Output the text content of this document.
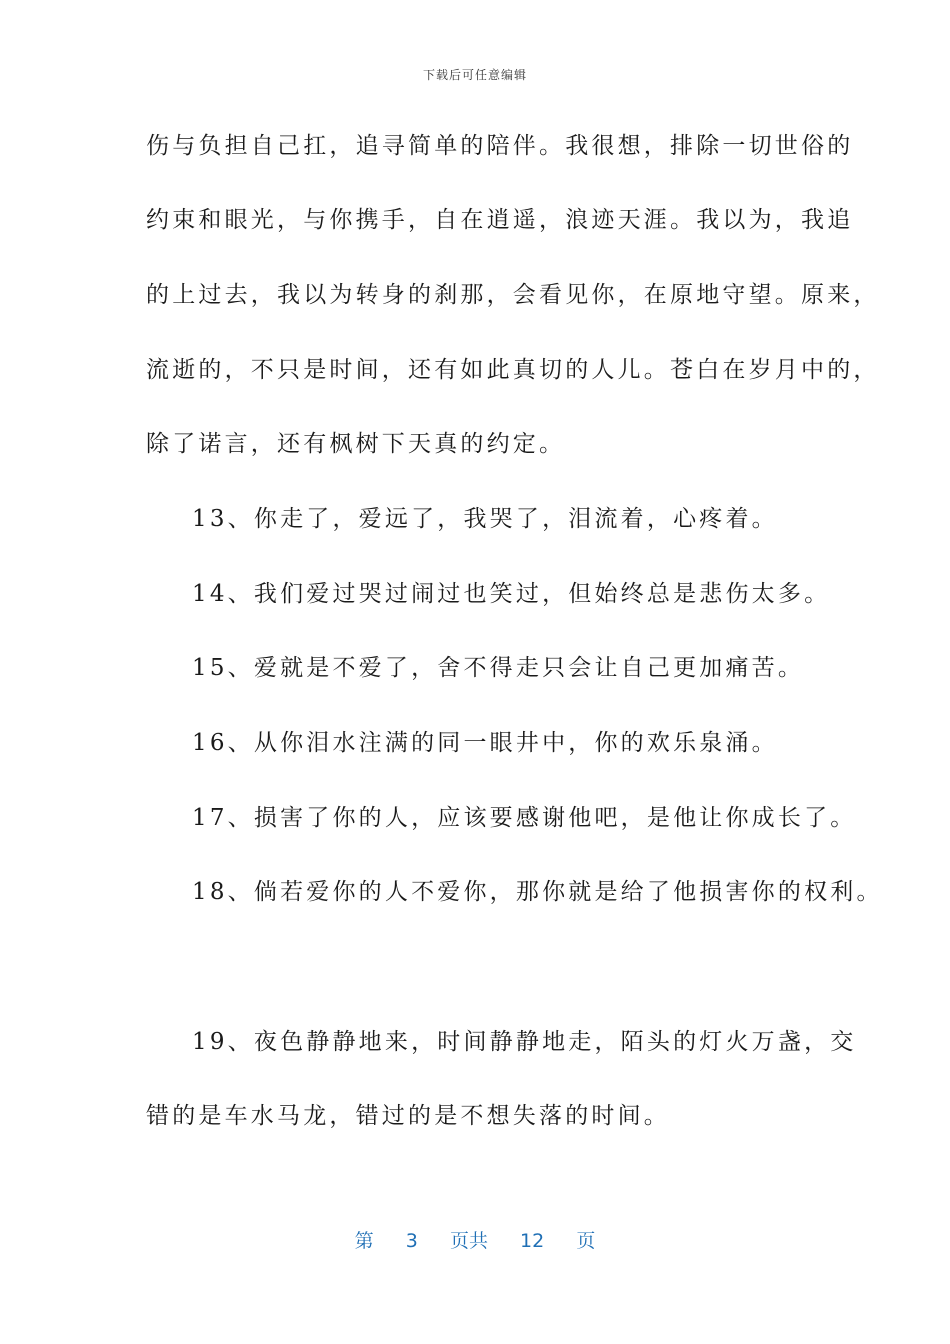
下载后可任意编辑
伤与负担自己扛，追寻简单的陪伴。我很想，排除一切世俗的
约束和眼光，与你携手，自在逍遥，浪迹天涯。我以为，我追
的上过去，我以为转身的刹那，会看见你，在原地守望。原来，
流逝的，不只是时间，还有如此真切的人儿。苍白在岁月中的，
除了诺言，还有枫树下天真的约定。
13、你走了，爱远了，我哭了，泪流着，心疼着。
14、我们爱过哭过闹过也笑过，但始终总是悲伤太多。
15、爱就是不爱了，舍不得走只会让自己更加痛苦。
16、从你泪水注满的同一眼井中，你的欢乐泉涌。
17、损害了你的人，应该要感谢他吧，是他让你成长了。
18、倘若爱你的人不爱你，那你就是给了他损害你的权利。
19、夜色静静地来，时间静静地走，陌头的灯火万盏，交
错的是车水马龙，错过的是不想失落的时间。
第 3 页共 12 页
